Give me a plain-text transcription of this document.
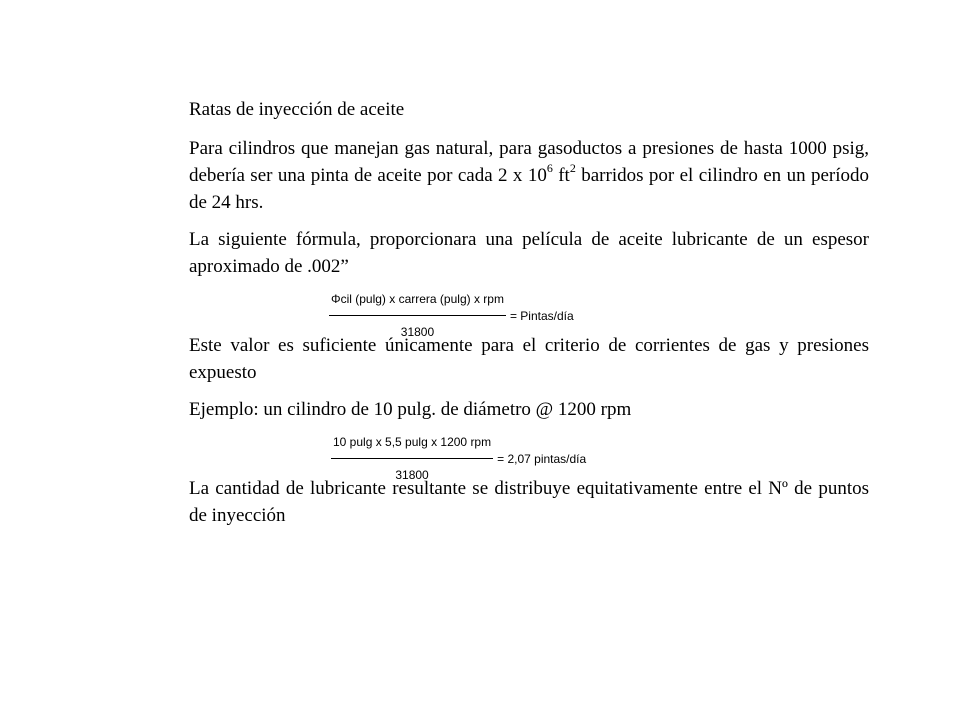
Ratas de inyección de aceite

Para cilindros que manejan gas natural, para gasoductos a presiones de hasta 1000 psig, debería ser una pinta de aceite por cada 2 x $10^6$ $ft^2$ barridos por el cilindro en un período de 24 hrs.

La siguiente fórmula, proporcionara una película de aceite lubricante de un espesor aproximado de .002”

$\frac{\text{Φcil (pulg) x carrera (pulg) x rpm}}{31800}$ = Pintas/día

Este valor es suficiente únicamente para el criterio de corrientes de gas y presiones expuesto

Ejemplo: un cilindro de 10 pulg. de diámetro @ 1200 rpm

$\frac{\text{10 pulg x 5,5 pulg x 1200 rpm}}{31800} = 2,07$ pintas/día

La cantidad de lubricante resultante se distribuye equitativamente entre el Nº de puntos de inyección
